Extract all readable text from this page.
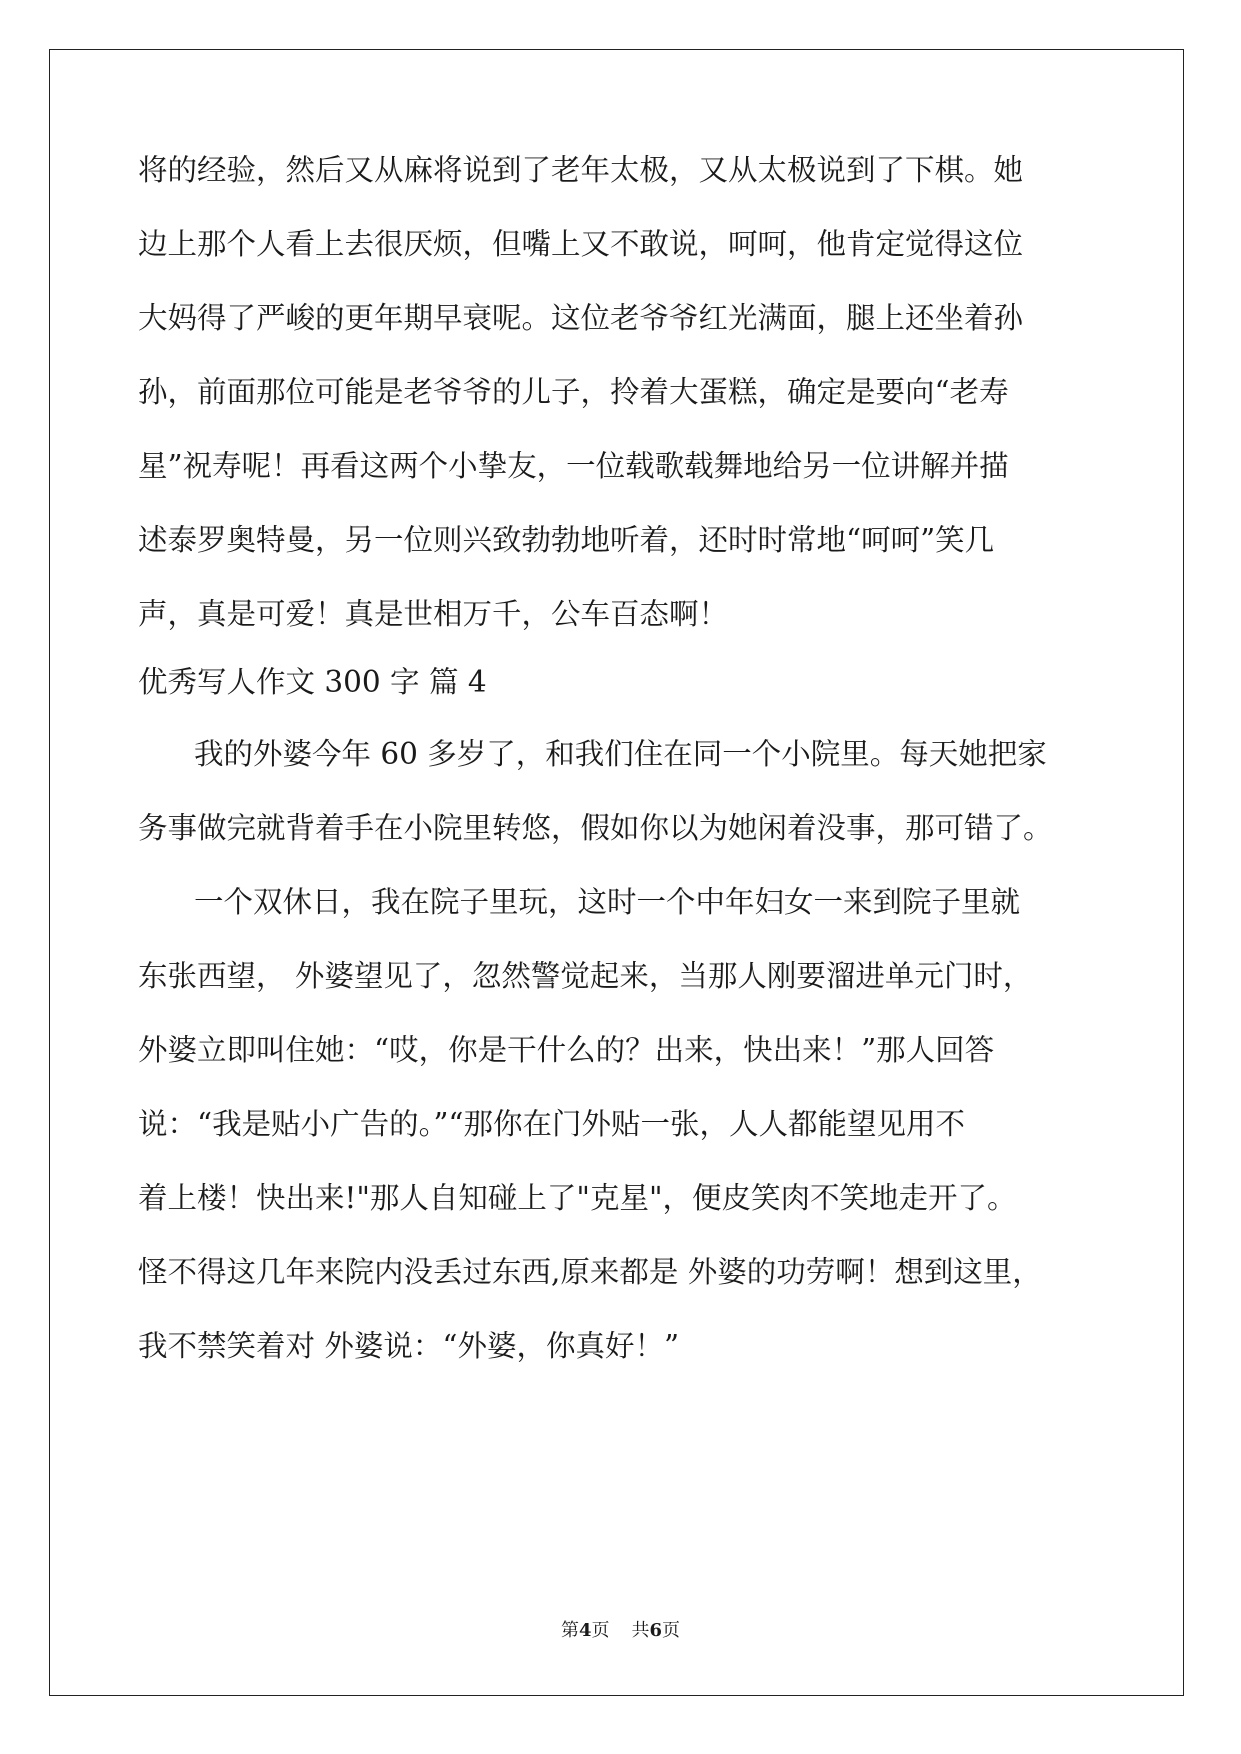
将的经验，然后又从麻将说到了老年太极，又从太极说到了下棋。她

边上那个人看上去很厌烦，但嘴上又不敢说，呵呵，他肯定觉得这位

大妈得了严峻的更年期早衰呢。这位老爷爷红光满面，腿上还坐着孙

孙，前面那位可能是老爷爷的儿子，拎着大蛋糕，确定是要向“老寿

星”祝寿呢！再看这两个小挚友，一位载歌载舞地给另一位讲解并描

述泰罗奥特曼，另一位则兴致勃勃地听着，还时时常地“呵呵”笑几

声，真是可爱！真是世相万千，公车百态啊！

优秀写人作文 300 字 篇 4

我的外婆今年 60 多岁了，和我们住在同一个小院里。每天她把家

务事做完就背着手在小院里转悠，假如你以为她闲着没事，那可错了。

一个双休日，我在院子里玩，这时一个中年妇女一来到院子里就

东张西望， 外婆望见了，忽然警觉起来，当那人刚要溜进单元门时，

外婆立即叫住她：“哎，你是干什么的？出来，快出来！”那人回答

说：“我是贴小广告的。”“那你在门外贴一张，人人都能望见用不

着上楼！快出来!"那人自知碰上了"克星"，便皮笑肉不笑地走开了。

怪不得这几年来院内没丢过东西,原来都是 外婆的功劳啊！想到这里，

我不禁笑着对 外婆说：“外婆，你真好！”

第4页 共6页
